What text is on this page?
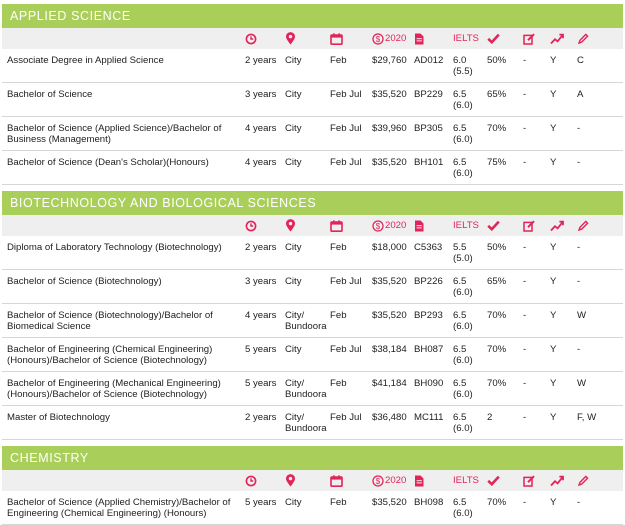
APPLIED SCIENCE

$ 2020		IELTS	

Associate Degree in Applied Science	2 years	City	Feb	$29,760	AD012	6.0 (5.5)	50%	-	Y	C
Bachelor of Science	3 years	City	Feb Jul	$35,520	BP229	6.5 (6.0)	65%	-	Y	A
Bachelor of Science (Applied Science)/Bachelor of Business (Management)	4 years	City	Feb Jul	$39,960	BP305	6.5 (6.0)	70%	-	Y	-
Bachelor of Science (Dean's Scholar)(Honours)	4 years	City	Feb Jul	$35,520	BH101	6.5 (6.0)	75%	-	Y	-
BIOTECHNOLOGY AND BIOLOGICAL SCIENCES

$ 2020		IELTS	

Diploma of Laboratory Technology (Biotechnology)	2 years	City	Feb	$18,000	C5363	5.5 (5.0)	50%	-	Y	-
Bachelor of Science (Biotechnology)	3 years	City	Feb Jul	$35,520	BP226	6.5 (6.0)	65%	-	Y	-
Bachelor of Science (Biotechnology)/Bachelor of Biomedical Science	4 years	City/ Bundoora	Feb	$35,520	BP293	6.5 (6.0)	70%	-	Y	W
Bachelor of Engineering (Chemical Engineering) (Honours)/Bachelor of Science (Biotechnology)	5 years	City	Feb Jul	$38,184	BH087	6.5 (6.0)	70%	-	Y	-
Bachelor of Engineering (Mechanical Engineering) (Honours)/Bachelor of Science (Biotechnology)	5 years	City/ Bundoora	Feb	$41,184	BH090	6.5 (6.0)	70%	-	Y	W
Master of Biotechnology	2 years	City/ Bundoora	Feb Jul	$36,480	MC111	6.5 (6.0)	2	-	Y	F, W
CHEMISTRY

$ 2020		IELTS	

Bachelor of Science (Applied Chemistry)/Bachelor of Engineering (Chemical Engineering) (Honours)	5 years	City	Feb	$35,520	BH098	6.5 (6.0)	70%	-	Y	-
